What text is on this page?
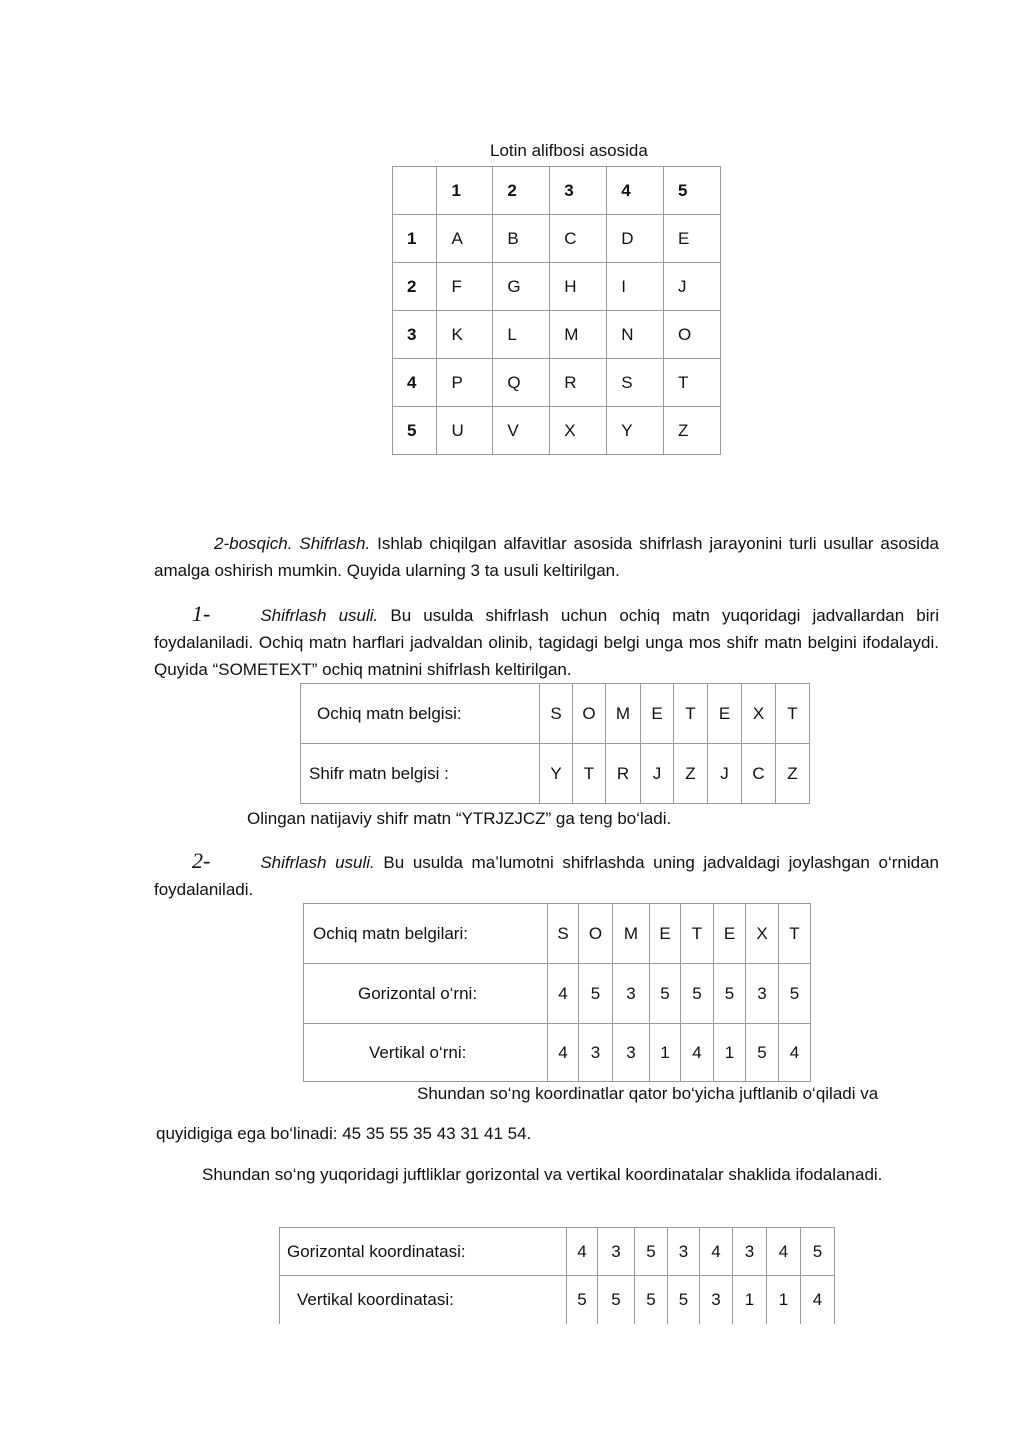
Lotin alifbosi asosida
	1	2	3	4	5
1	A	B	C	D	E
2	F	G	H	I	J
3	K	L	M	N	O
4	P	Q	R	S	T
5	U	V	X	Y	Z
2-bosqich. Shifrlash. Ishlab chiqilgan alfavitlar asosida shifrlash jarayonini turli usullar asosida amalga oshirish mumkin. Quyida ularning 3 ta usuli keltirilgan.
1-	Shifrlash usuli. Bu usulda shifrlash uchun ochiq matn yuqoridagi jadvallardan biri foydalaniladi. Ochiq matn harflari jadvaldan olinib, tagidagi belgi unga mos shifr matn belgini ifodalaydi. Quyida “SOMETEXT” ochiq matnini shifrlash keltirilgan.
Ochiq matn belgisi:	S	O	M	E	T	E	X	T
Shifr matn belgisi :	Y	T	R	J	Z	J	C	Z
Olingan natijaviy shifr matn “YTRJZJCZ” ga teng bo‘ladi.
2-	Shifrlash usuli. Bu usulda ma’lumotni shifrlashda uning jadvaldagi joylashgan o‘rnidan foydalaniladi.
Ochiq matn belgilari:	S	O	M	E	T	E	X	T
Gorizontal o‘rni:	4	5	3	5	5	5	3	5
Vertikal o‘rni:	4	3	3	1	4	1	5	4
Shundan so‘ng koordinatlar qator bo‘yicha juftlanib o‘qiladi va
quyidigiga ega bo‘linadi: 45 35 55 35 43 31 41 54.
Shundan so‘ng yuqoridagi juftliklar gorizontal va vertikal koordinatalar shaklida ifodalanadi.
Gorizontal koordinatasi:	4	3	5	3	4	3	4	5
Vertikal koordinatasi:	5	5	5	5	3	1	1	4
